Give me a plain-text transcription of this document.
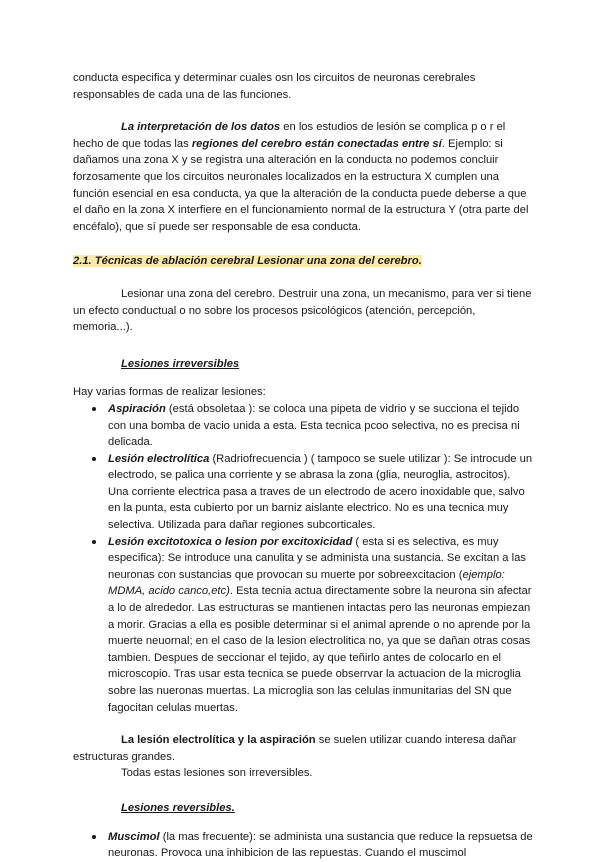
conducta especifica y determinar cuales osn los circuitos de neuronas cerebrales responsables de cada una de las funciones.

La interpretación de los datos en los estudios de lesión se complica p o r el hecho de que todas las regiones del cerebro están conectadas entre sí. Ejemplo: si dañamos una zona X y se registra una alteración en la conducta no podemos concluir forzosamente que los circuitos neuronales localizados en la estructura X cumplen una función esencial en esa conducta, ya que la alteración de la conducta puede deberse a que el daño en la zona X interfiere en el funcionamiento normal de la estructura Y (otra parte del encéfalo), que sí puede ser responsable de esa conducta.

2.1. Técnicas de ablación cerebral Lesionar una zona del cerebro.

Lesionar una zona del cerebro. Destruir una zona, un mecanismo, para ver si tiene un efecto conductual o no sobre los procesos psicológicos (atención, percepción, memoria...).

Lesiones irreversibles

Hay varias formas de realizar lesiones:

Aspiración (está obsoletaa ): se coloca una pipeta de vidrio y se succiona el tejido con una bomba de vacio unida a esta. Esta tecnica pcoo selectiva, no es precisa ni delicada.
Lesión electrolítica (Radriofrecuencia ) ( tampoco se suele utilizar ): Se introcude un electrodo, se palica una corriente y se abrasa la zona (glia, neuroglia, astrocitos). Una corriente electrica pasa a traves de un electrodo de acero inoxidable que, salvo en la punta, esta cubierto por un barniz aislante electrico. No es una tecnica muy selectiva. Utilizada para dañar regiones subcorticales.
Lesión excitotoxica o lesion por excitoxicidad ( esta si es selectiva, es muy especifica): Se introduce una canulita y se administa una sustancia. Se excitan a las neuronas con sustancias que provocan su muerte por sobreexcitacion (ejemplo: MDMA, acido canco,etc). Esta tecnia actua directamente sobre la neurona sin afectar a lo de alrededor. Las estructuras se mantienen intactas pero las neuronas empiezan a morir. Gracias a ella es posible determinar si el animal aprende o no aprende por la muerte neuornal; en el caso de la lesion electrolitica no, ya que se dañan otras cosas tambien. Despues de seccionar el tejido, ay que teñirlo antes de colocarlo en el microscopio. Tras usar esta tecnica se puede obserrvar la actuacion de la microglia sobre las nueronas muertas. La microglia son las celulas inmunitarias del SN que fagocitan celulas muertas.

La lesión electrolítica y la aspiración se suelen utilizar cuando interesa dañar estructuras grandes.

Todas estas lesiones son irreversibles.

Lesiones reversibles.

Muscimol (la mas frecuente): se administa una sustancia que reduce la repsuetsa de neuronas. Provoca una inhibicion de las repuestas. Cuando el muscimol
